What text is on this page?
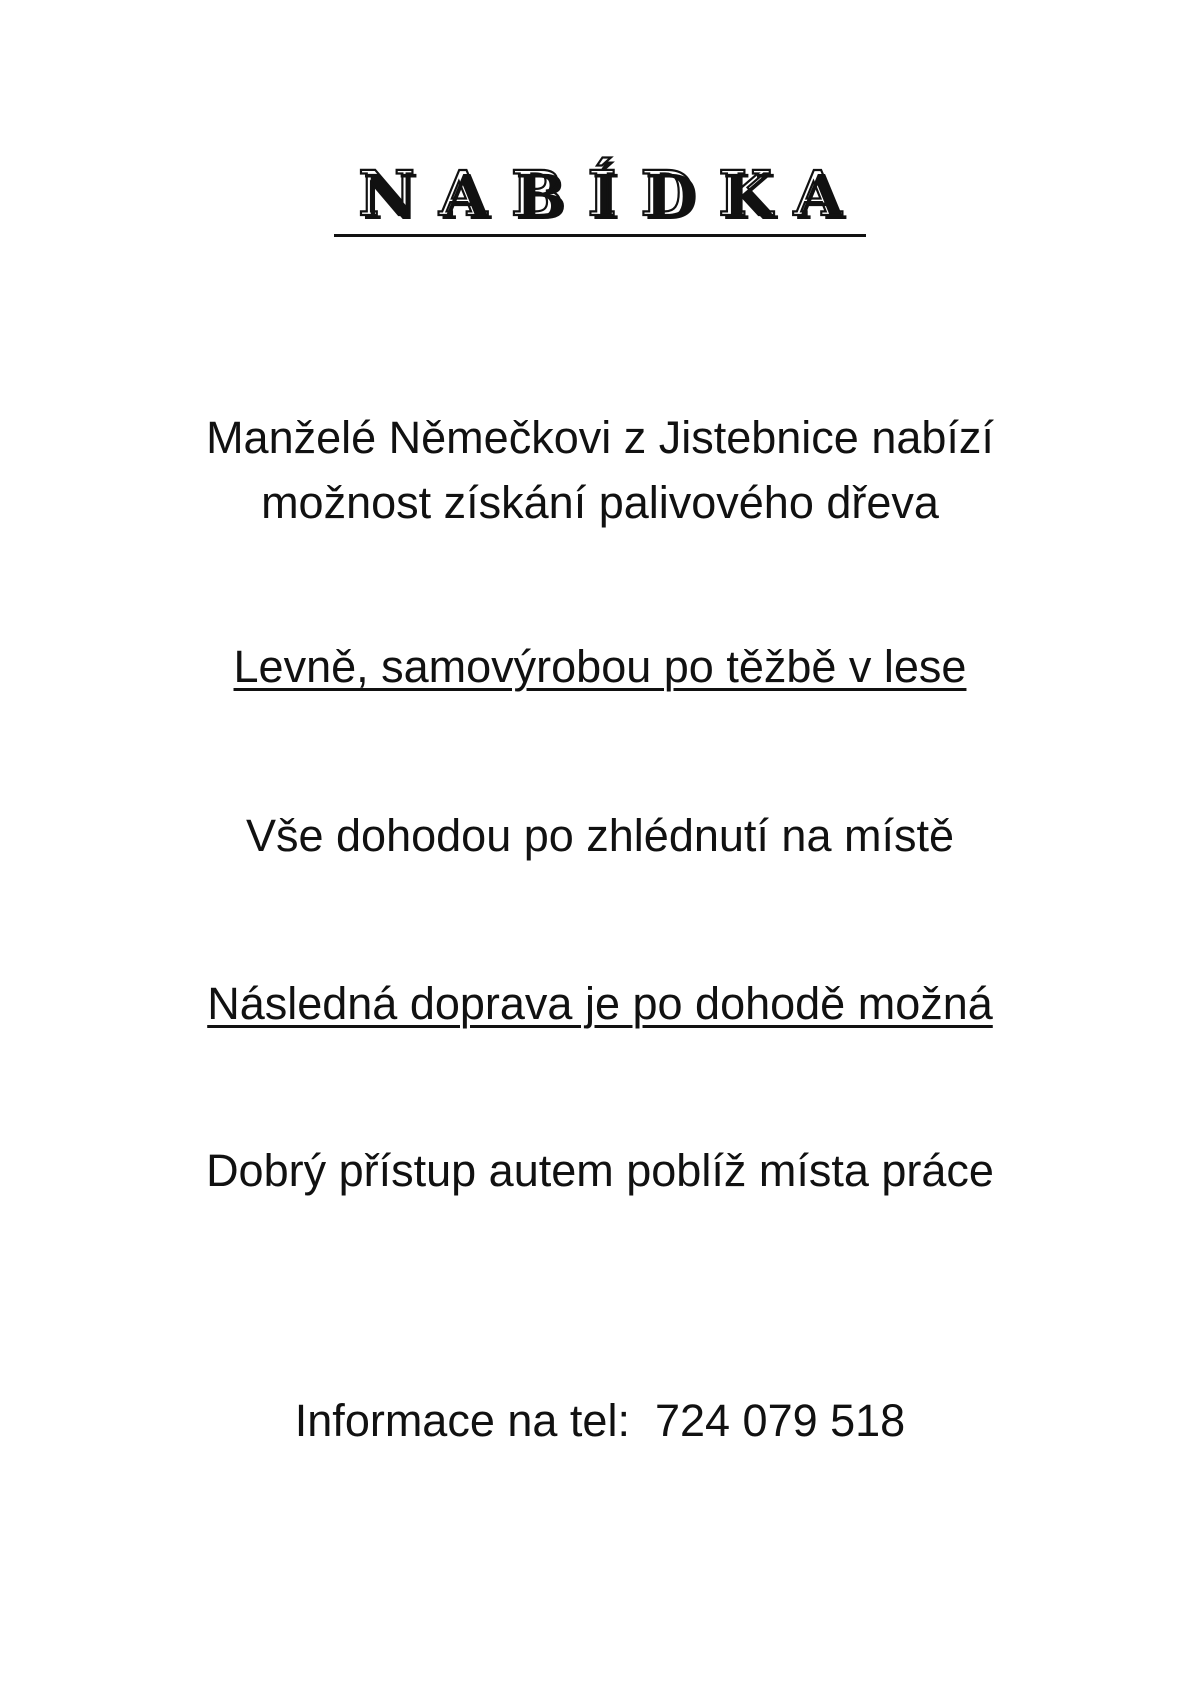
NABÍDKA
Manželé Němečkovi z Jistebnice nabízí
možnost získání palivového dřeva
Levně, samovýrobou po těžbě v lese
Vše dohodou po zhlédnutí na místě
Následná doprava je po dohodě možná
Dobrý přístup autem poblíž místa práce
Informace na tel:  724 079 518
